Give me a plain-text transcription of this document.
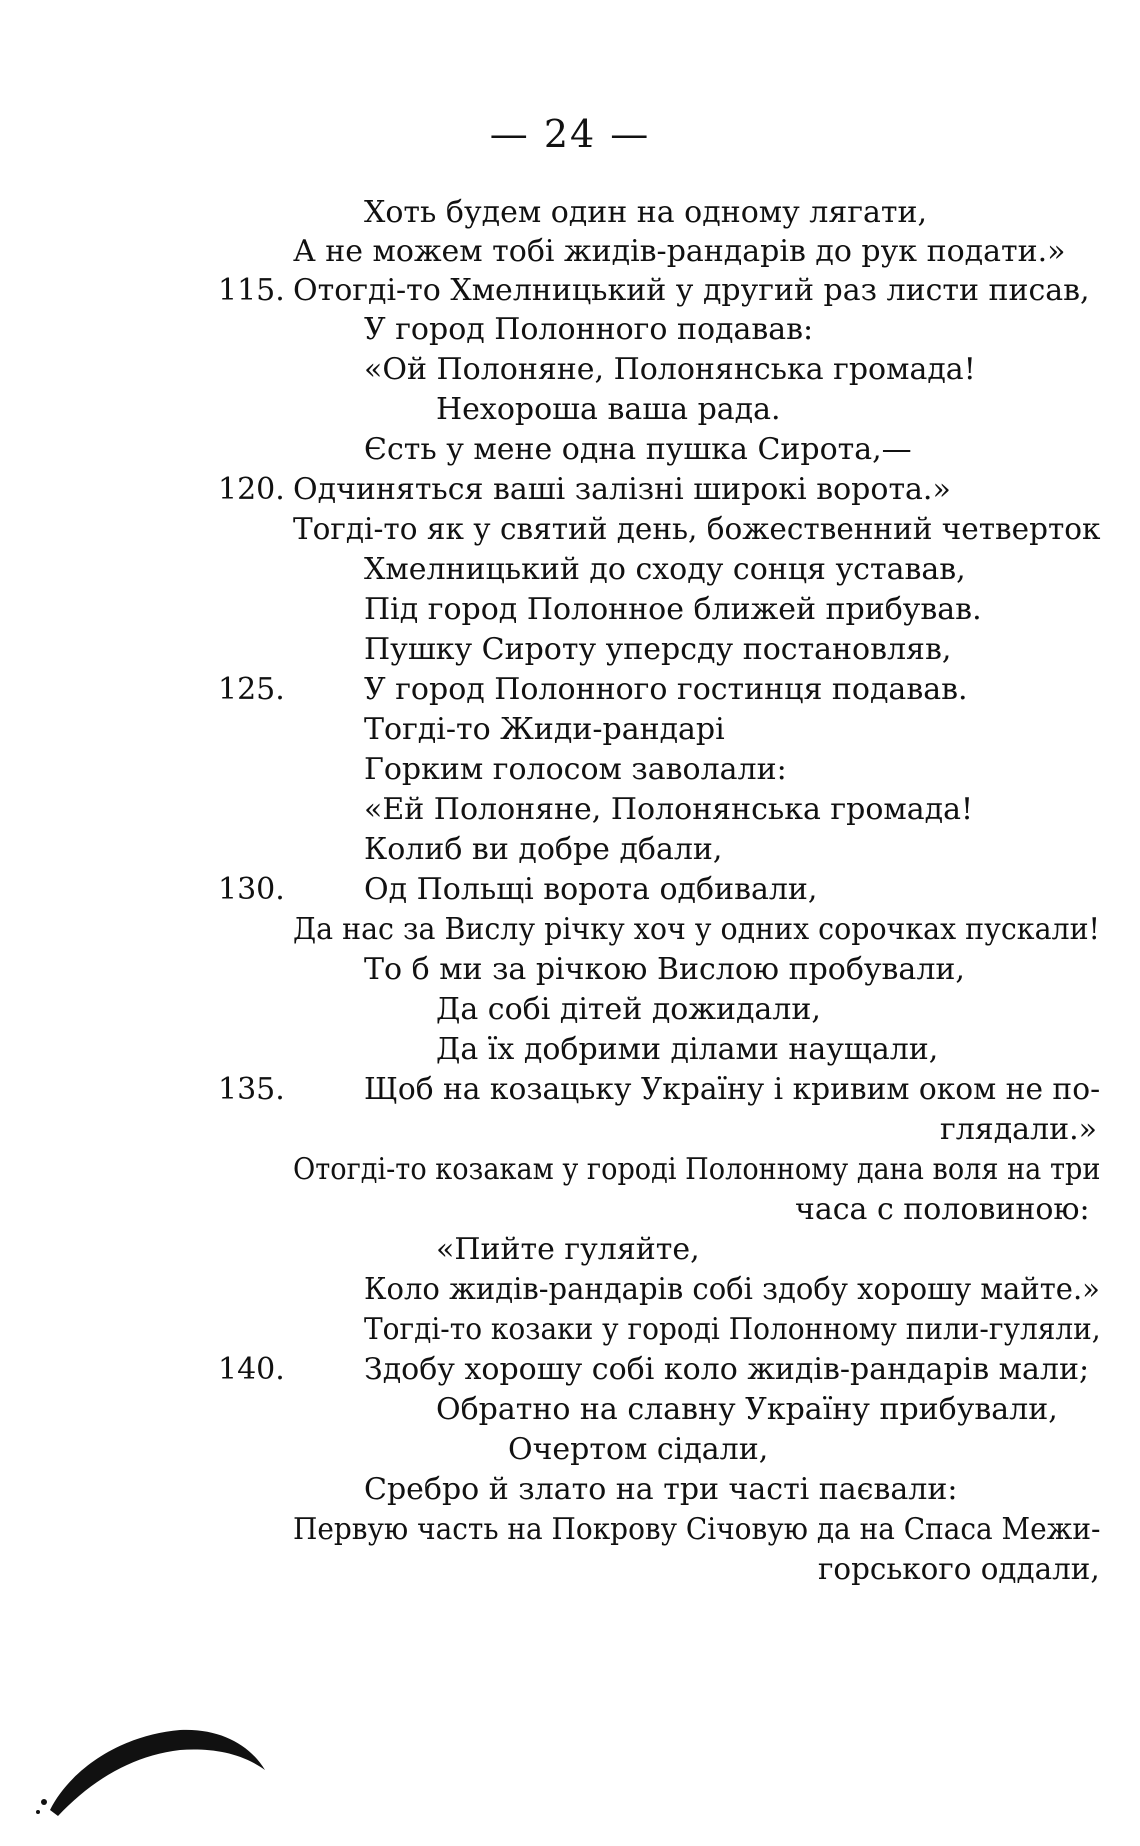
— 24 —
Хоть будем один на одному лягати,
А не можем тобі жидів-рандарів до рук подати.»
115. Отогді-то Хмелницький у другий раз листи писав,
У город Полонного подавав:
«Ой Полоняне, Полонянська громада!
Нехороша ваша рада.
Єсть у мене одна пушка Сирота,—
120. Одчиняться ваші залізні широкі ворота.»
Тогді-то як у святий день, божественний четверток
Хмелницький до сходу сонця уставав,
Під город Полонное ближей прибував.
Пушку Сироту уперсду постановляв,
125.	У город Полонного гостинця подавав.
Тогді-то Жиди-рандарі
Горким голосом заволали:
«Ей Полоняне, Полонянська громада!
Колиб ви добре дбали,
130.	Од Польщі ворота одбивали,
Да нас за Вислу річку хоч у одних сорочках пускали!
То б ми за річкою Вислою пробували,
Да собі дітей дожидали,
Да їх добрими ділами наущали,
135.	Щоб на козацьку Україну і кривим оком не по-
глядали.»
Отогді-то козакам у городі Полонному дана воля на три
часа с половиною:
«Пийте гуляйте,
Коло жидів-рандарів собі здобу хорошу майте.»
Тогді-то козаки у городі Полонному пили-гуляли,
140.	Здобу хорошу собі коло жидів-рандарів мали;
Обратно на славну Україну прибували,
Очертом сідали,
Сребро й злато на три часті паєвали:
Первую часть на Покрову Січовую да на Спаса Межи-
горського оддали,
